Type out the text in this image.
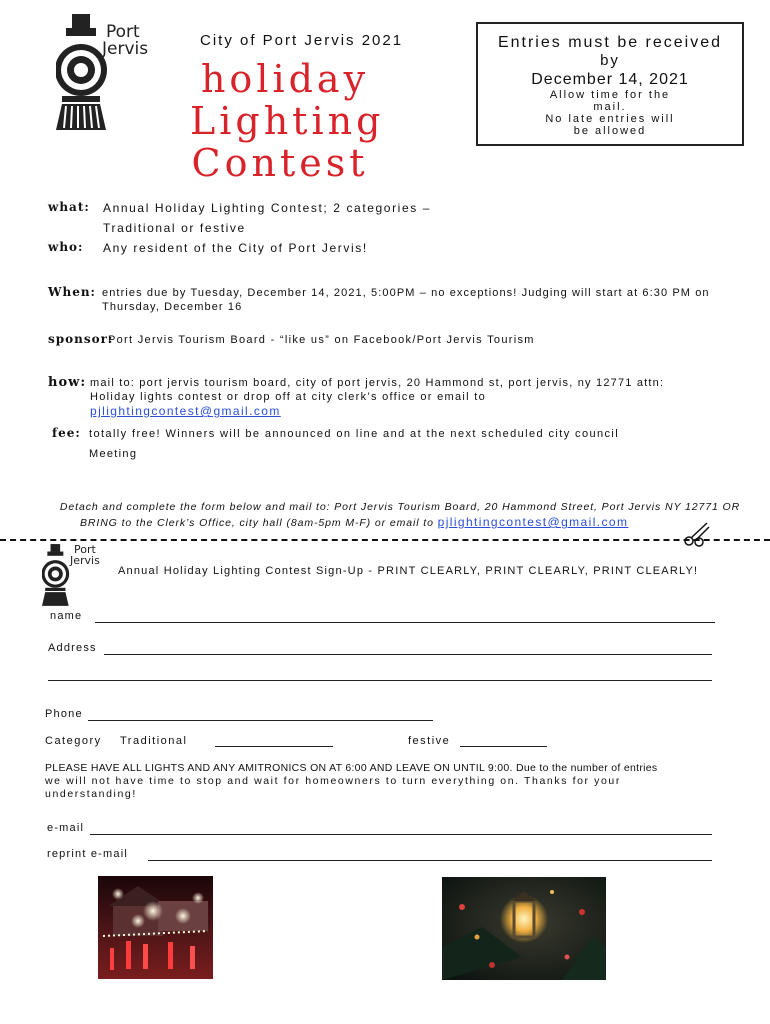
Port
Jervis	City of Port Jervis 2021
holiday
Lighting
Contest
Entries must be received
by
December 14, 2021
Allow time for the
mail.
No late entries will
be allowed
what: Annual Holiday Lighting Contest; 2 categories –
Traditional or festive
who: Any resident of the City of Port Jervis!
When: entries due by Tuesday, December 14, 2021, 5:00PM – no exceptions! Judging will start at 6:30 PM on
Thursday, December 16
sponsor:
Port Jervis Tourism Board - “like us” on Facebook/Port Jervis Tourism
how: mail to: port jervis tourism board, city of port jervis, 20 Hammond st, port jervis, ny 12771 attn:
Holiday lights contest or drop off at city clerk’s office or email to
pjlightingcontest@gmail.com
fee: totally free! Winners will be announced on line and at the next scheduled city council
Meeting
Detach and complete the form below and mail to: Port Jervis Tourism Board, 20 Hammond Street, Port Jervis NY 12771 OR
BRING to the Clerk’s Office, city hall (8am-5pm M-F) or email to pjlightingcontest@gmail.com
Port
Jervis
Annual Holiday Lighting Contest Sign-Up - PRINT CLEARLY, PRINT CLEARLY, PRINT CLEARLY!
name
Address
Phone
Category Traditional	festive
PLEASE HAVE ALL LIGHTS AND ANY AMITRONICS ON AT 6:00 AND LEAVE ON UNTIL 9:00. Due to the number of entries
we will not have time to stop and wait for homeowners to turn everything on. Thanks for your
understanding!
e-mail
reprint e-mail
